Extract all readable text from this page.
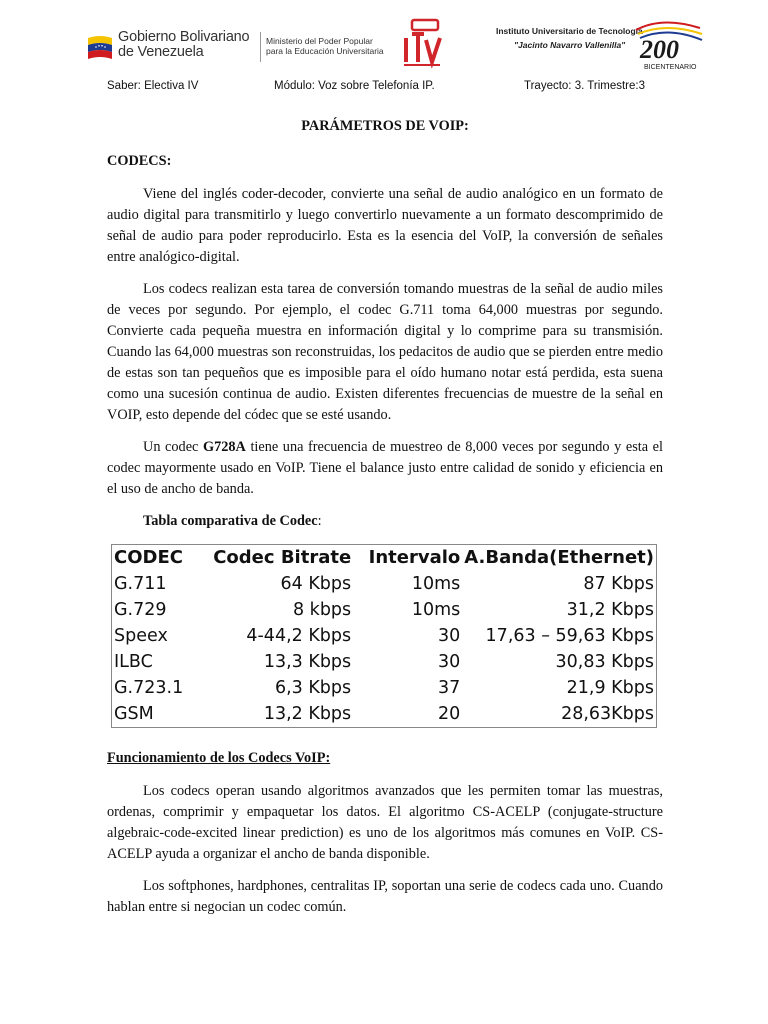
Gobierno Bolivariano
de Venezuela
Ministerio del Poder Popular
para la Educación Universitaria
Instituto Universitario de Tecnología
"Jacinto Navarro Vallenilla" 200
BICENTENARIO
Saber: Electiva IV	Módulo: Voz sobre Telefonía IP.	Trayecto: 3. Trimestre:3
PARÁMETROS DE VOIP:
CODECS:

Viene del inglés coder-decoder, convierte una señal de audio analógico en un formato de audio digital para transmitirlo y luego convertirlo nuevamente a un formato descomprimido de señal de audio para poder reproducirlo. Esta es la esencia del VoIP, la conversión de señales entre analógico-digital.

Los codecs realizan esta tarea de conversión tomando muestras de la señal de audio miles de veces por segundo. Por ejemplo, el codec G.711 toma 64,000 muestras por segundo. Convierte cada pequeña muestra en información digital y lo comprime para su transmisión. Cuando las 64,000 muestras son reconstruidas, los pedacitos de audio que se pierden entre medio de estas son tan pequeños que es imposible para el oído humano notar está perdida, esta suena como una sucesión continua de audio. Existen diferentes frecuencias de muestre de la señal en VOIP, esto depende del códec que se esté usando.

Un codec G728A tiene una frecuencia de muestreo de 8,000 veces por segundo y esta el codec mayormente usado en VoIP. Tiene el balance justo entre calidad de sonido y eficiencia en el uso de ancho de banda.

Tabla comparativa de Codec:
CODEC	Codec Bitrate	Intervalo	A.Banda(Ethernet)
G.711	64 Kbps	10ms	87 Kbps
G.729	8 kbps	10ms	31,2 Kbps
Speex	4-44,2 Kbps	30	17,63 – 59,63 Kbps
ILBC	13,3 Kbps	30	30,83 Kbps
G.723.1	6,3 Kbps	37	21,9 Kbps
GSM	13,2 Kbps	20	28,63Kbps
Funcionamiento de los Codecs VoIP:

Los codecs operan usando algoritmos avanzados que les permiten tomar las muestras, ordenas, comprimir y empaquetar los datos. El algoritmo CS-ACELP (conjugate-structure algebraic-code-excited linear prediction) es uno de los algoritmos más comunes en VoIP. CS-ACELP ayuda a organizar el ancho de banda disponible.

Los softphones, hardphones, centralitas IP, soportan una serie de codecs cada uno. Cuando hablan entre si negocian un codec común.
